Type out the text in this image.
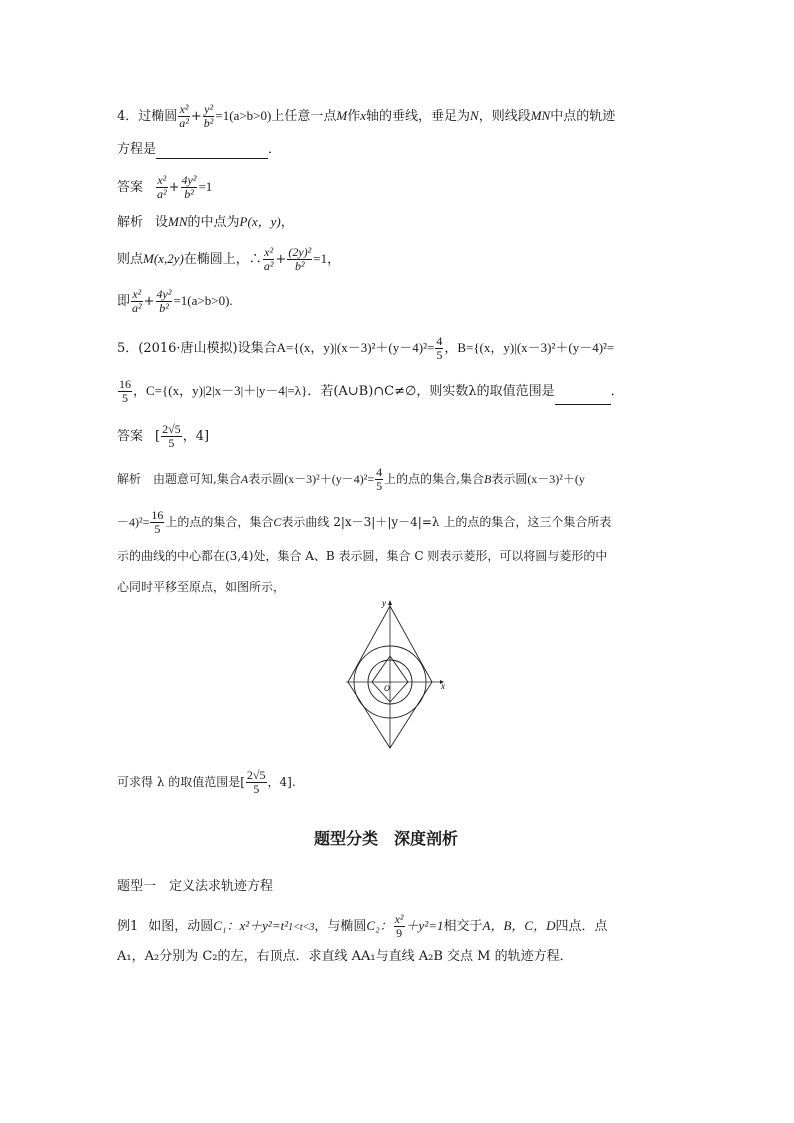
4．过椭圆 $\frac{\text{x²}}{\text{a²}} + \frac{\text{y²}}{\text{b²}} =1(a>b>0)$上任意一点M作x轴的垂线，垂足为N，则线段MN中点的轨迹
方程是	．
答案 $\frac{\text{x²}}{\text{a²}} + \frac{\text{4y²}}{\text{b²}} =1$
解析 设MN的中点为P(x，y)，
则点M(x,2y)在椭圆上，∴ $\frac{\text{x²}}{\text{a²}} + \frac{\text{(2y)²}}{\text{b²}} =1$，
即 $\frac{\text{x²}}{\text{a²}} + \frac{\text{4y²}}{\text{b²}} =1(a>b>0)$.
5．(2016·唐山模拟)设集合A={(x，$y)|(x-3)^2+(y-4)^2= \frac{4}{5}$ ，B={(x，y)|(x－3)²＋(y－4)²=
$\frac{16}{5}$ ，C={(x，y)|2|x－3|＋|y－4|=λ}．若(A∪B)∩C≠∅，则实数λ的取值范围是	．
答案 [ $\frac{2√5}{5}$ ，4]
解析 由题意可知,集合A表示圆$(x-3)^2+(y-4)^2= \frac{4}{5}$ 上的点的集合,集合B表示圆(x－3)²＋(y
$-4)^2= \frac{16}{5}$ 上的点的集合，集合C表示曲线 2|x－3|＋|y－4|=λ 上的点的集合，这三个集合所表
示的曲线的中心都在(3,4)处，集合 A、B 表示圆，集合 C 则表示菱形，可以将圆与菱形的中
心同时平移至原点，如图所示，
y
x
O
可求得 λ 的取值范围是[ $\frac{2√5}{5}$ ，4].
题型分类　深度剖析
题型一　定义法求轨迹方程
例1 如图，动圆C₁：x²＋y²=t²1<t<3，与椭圆C₂： $\frac{\text{x²}}{9} +y^2=1$相交于A，B，C，D四点．点
A₁，A₂分别为 C₂的左，右顶点．求直线 AA₁与直线 A₂B 交点 M 的轨迹方程．
